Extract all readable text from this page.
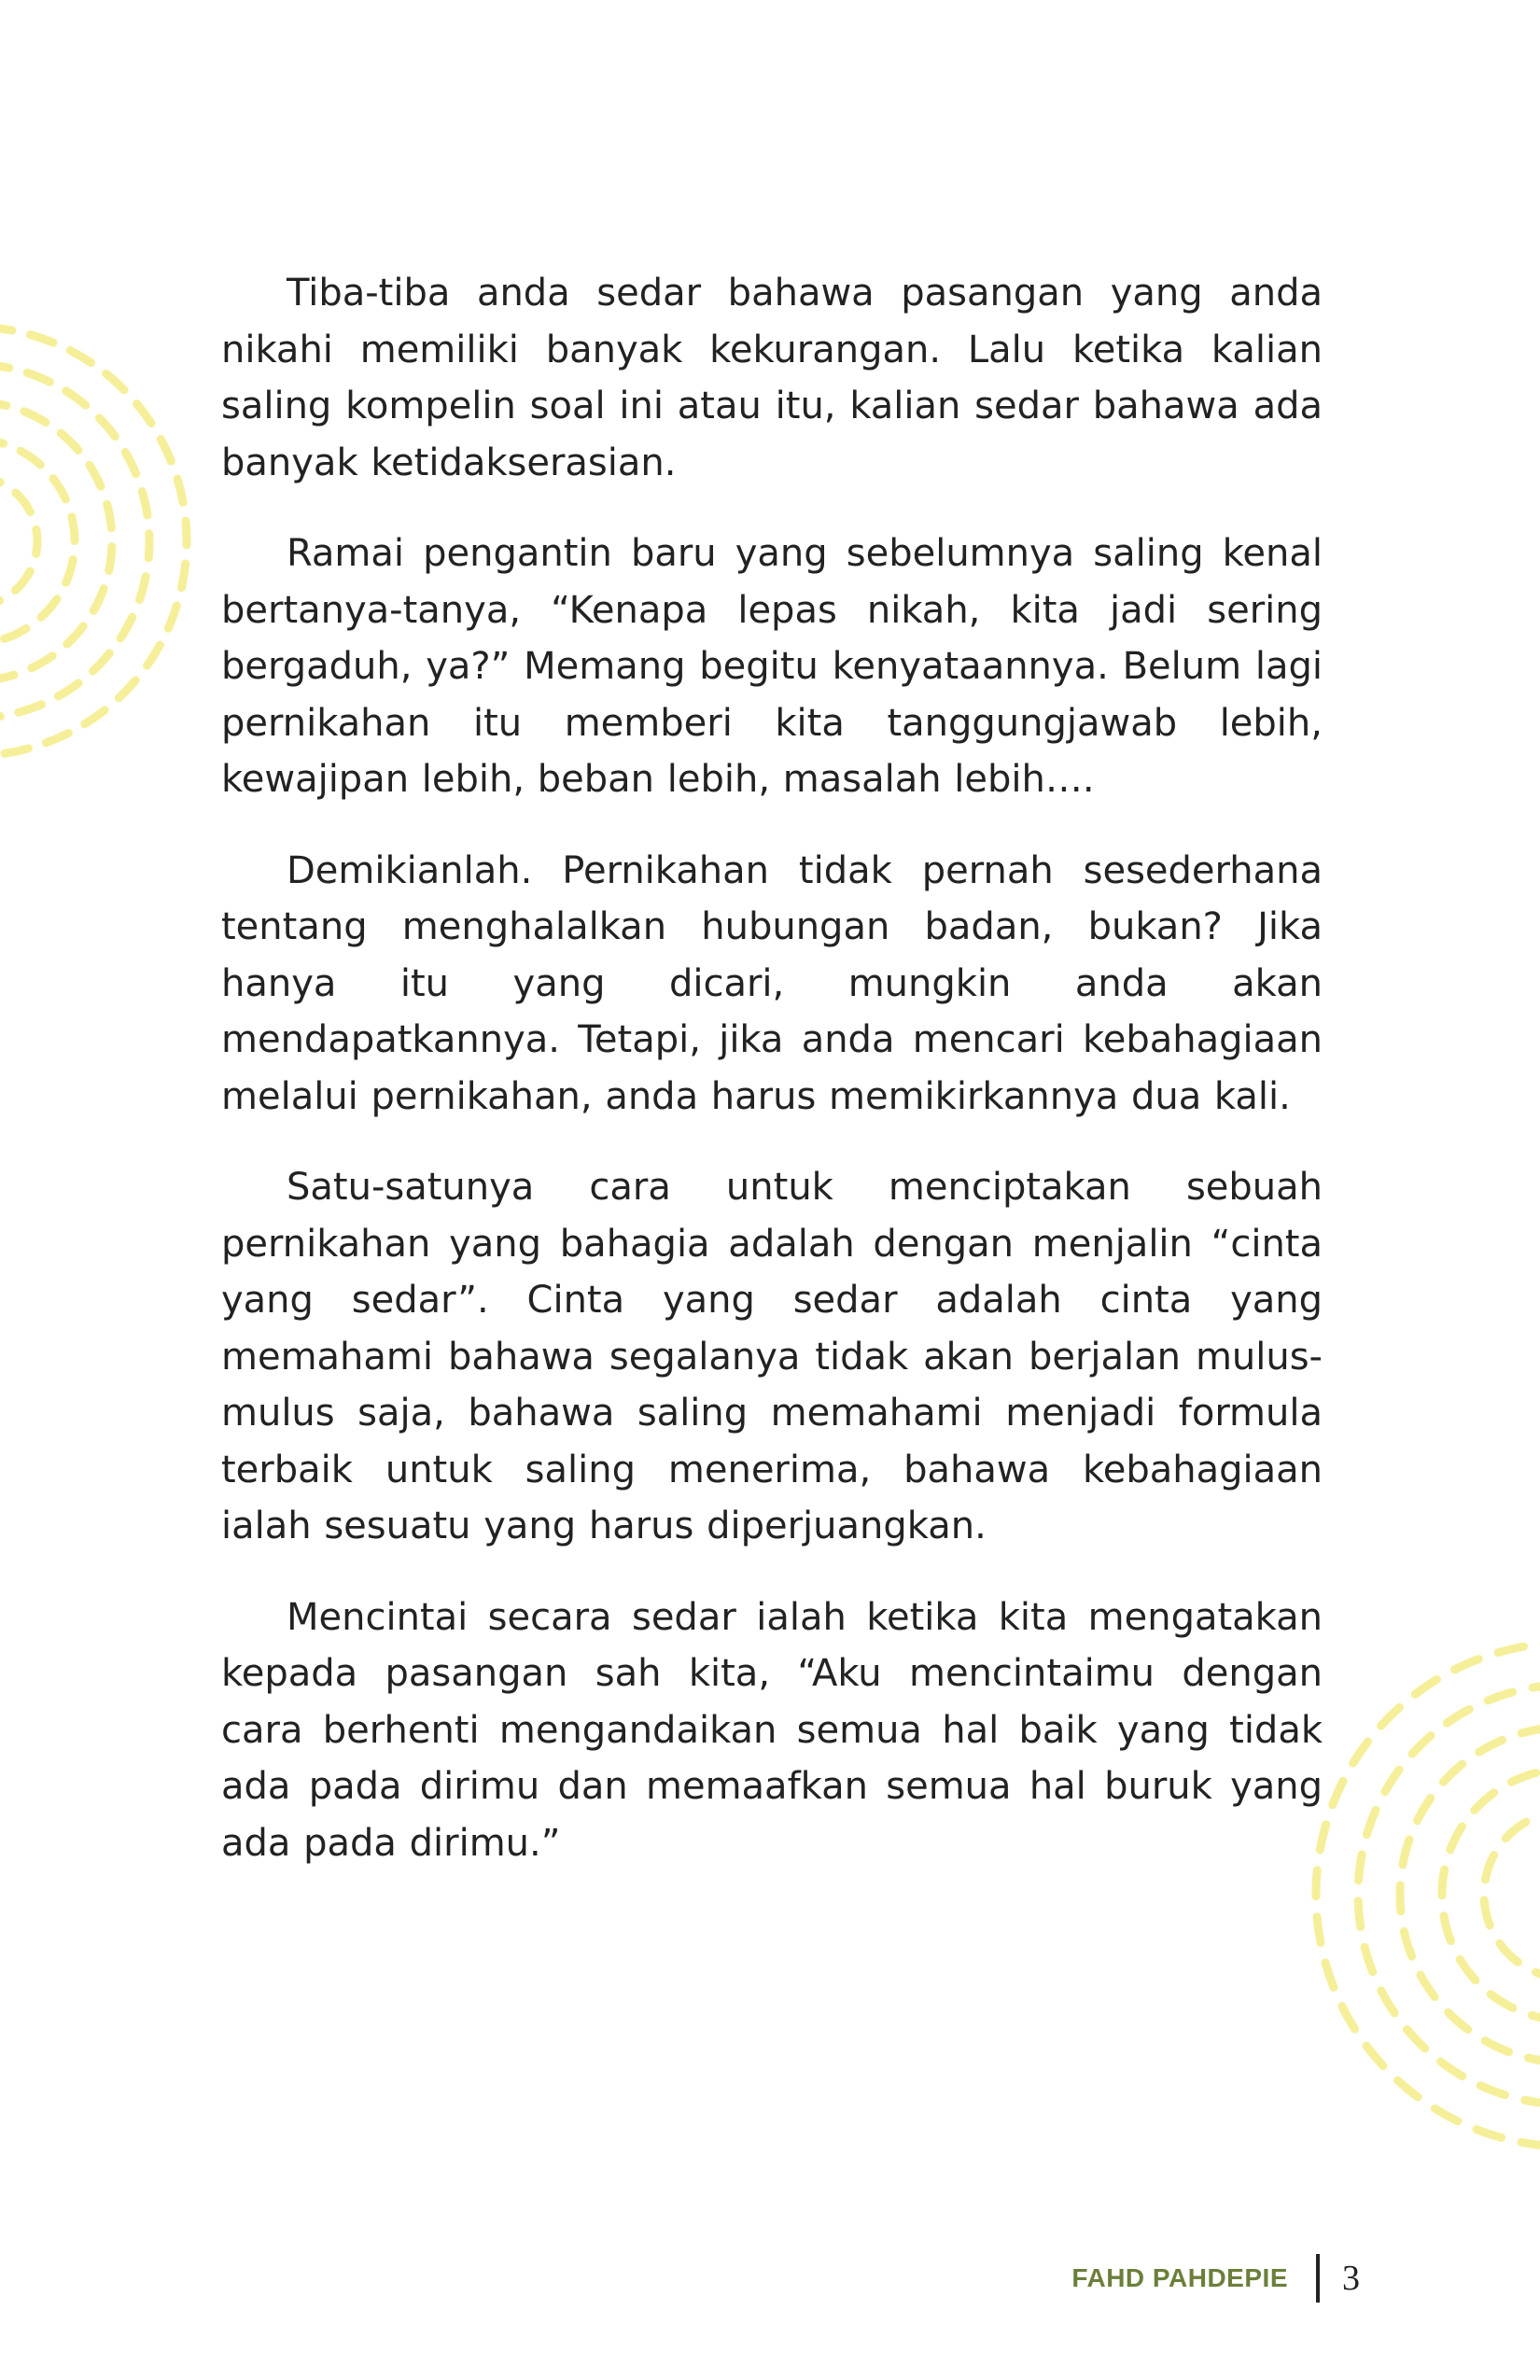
Tiba-tiba anda sedar bahawa pasangan yang anda nikahi memiliki banyak kekurangan. Lalu ketika kalian saling kompelin soal ini atau itu, kalian sedar bahawa ada banyak ketidakserasian.

Ramai pengantin baru yang sebelumnya saling kenal bertanya-tanya, “Kenapa lepas nikah, kita jadi sering bergaduh, ya?” Memang begitu kenyataannya. Belum lagi pernikahan itu memberi kita tanggungjawab lebih, kewajipan lebih, beban lebih, masalah lebih….

Demikianlah. Pernikahan tidak pernah sesederhana tentang menghalalkan hubungan badan, bukan? Jika hanya itu yang dicari, mungkin anda akan mendapatkannya. Tetapi, jika anda mencari kebahagiaan melalui pernikahan, anda harus memikirkannya dua kali.

Satu-satunya cara untuk menciptakan sebuah pernikahan yang bahagia adalah dengan menjalin “cinta yang sedar”. Cinta yang sedar adalah cinta yang memahami bahawa segalanya tidak akan berjalan mulus-mulus saja, bahawa saling memahami menjadi formula terbaik untuk saling menerima, bahawa kebahagiaan ialah sesuatu yang harus diperjuangkan.

Mencintai secara sedar ialah ketika kita mengatakan kepada pasangan sah kita, “Aku mencintaimu dengan cara berhenti mengandaikan semua hal baik yang tidak ada pada dirimu dan memaafkan semua hal buruk yang ada pada dirimu.”

FAHD PAHDEPIE 3
